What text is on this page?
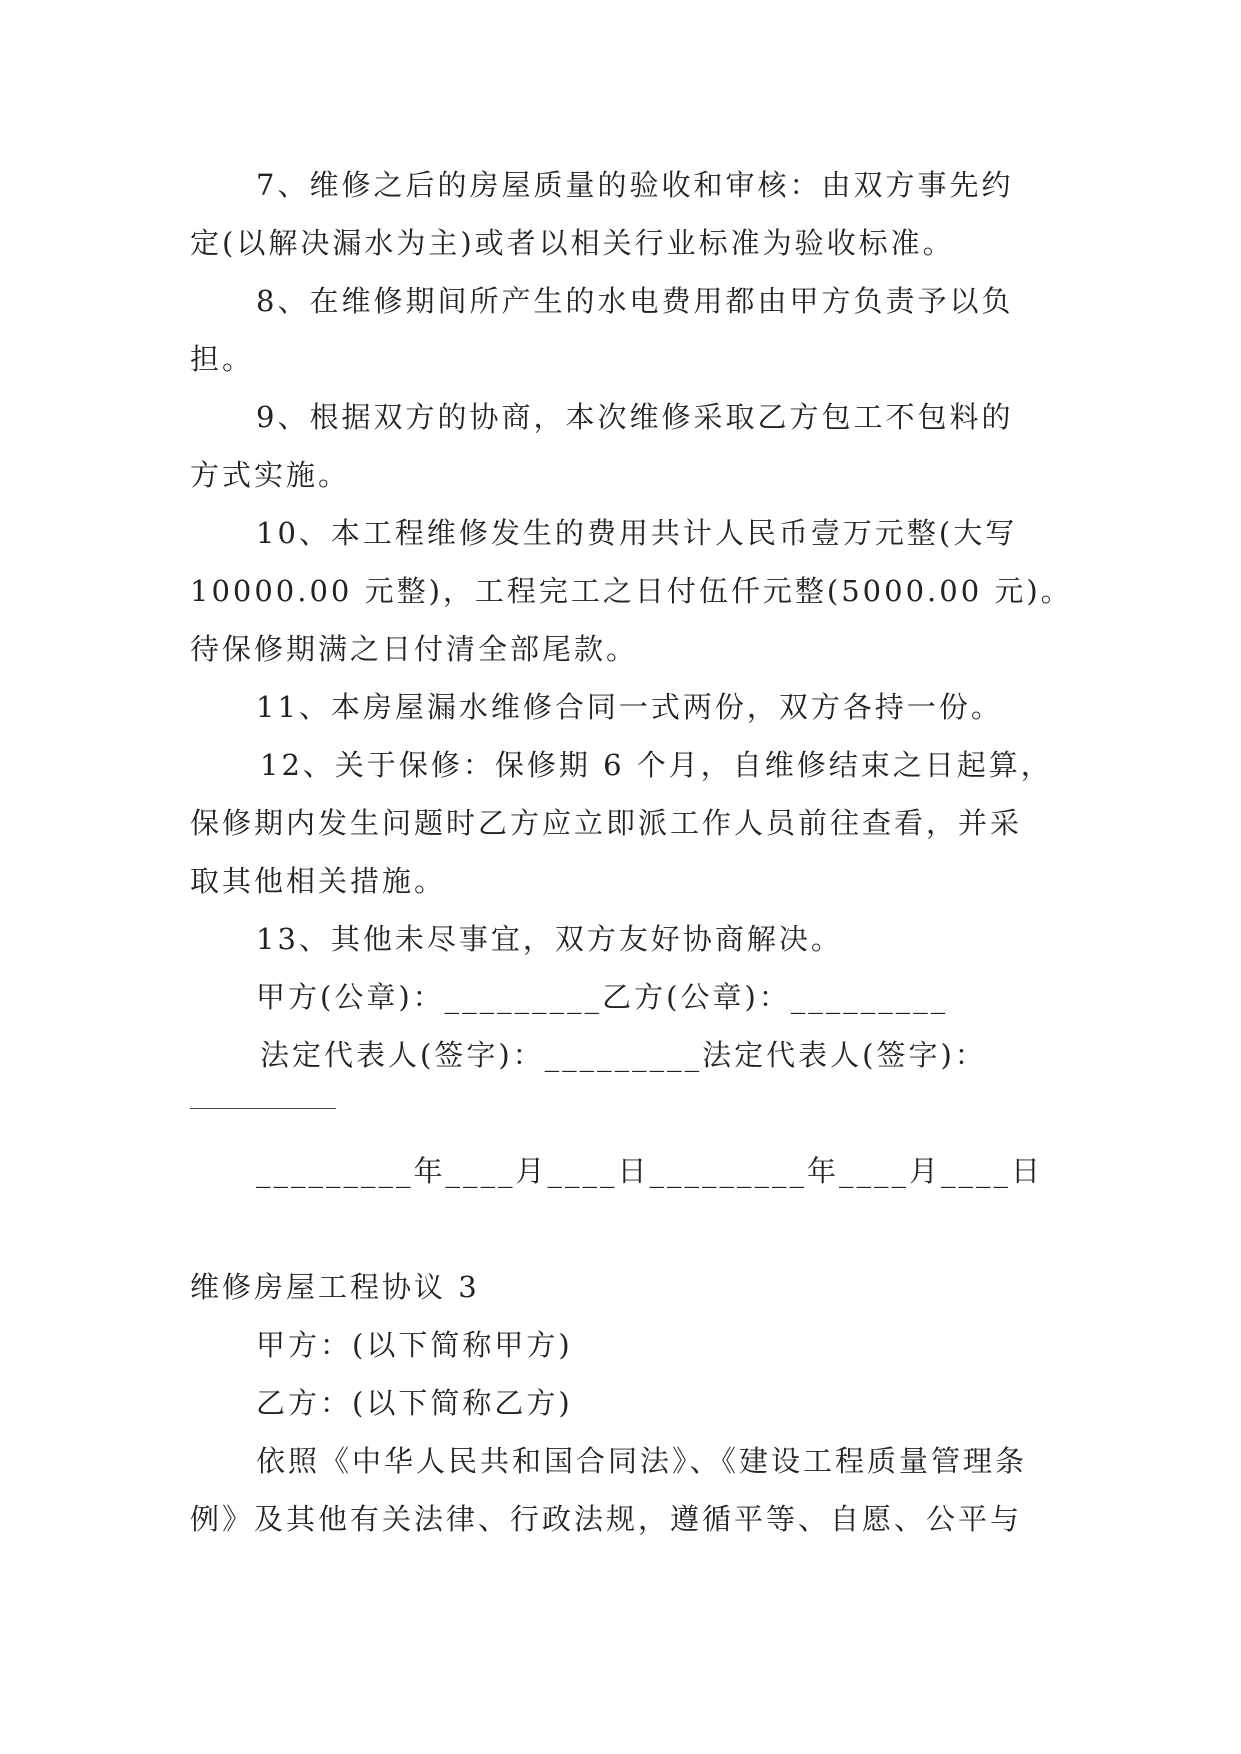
7、维修之后的房屋质量的验收和审核：由双方事先约
定(以解决漏水为主)或者以相关行业标准为验收标准。
8、在维修期间所产生的水电费用都由甲方负责予以负
担。
9、根据双方的协商，本次维修采取乙方包工不包料的
方式实施。
10、本工程维修发生的费用共计人民币壹万元整(大写
10000.00 元整)，工程完工之日付伍仟元整(5000.00 元)。
待保修期满之日付清全部尾款。
11、本房屋漏水维修合同一式两份，双方各持一份。
12、关于保修：保修期 6 个月，自维修结束之日起算，
保修期内发生问题时乙方应立即派工作人员前往查看，并采
取其他相关措施。
13、其他未尽事宜，双方友好协商解决。
甲方(公章)：_________乙方(公章)：_________
法定代表人(签字)：_________法定代表人(签字)：
_________年____月____日_________年____月____日
维修房屋工程协议 3
甲方：(以下简称甲方)
乙方：(以下简称乙方)
依照《中华人民共和国合同法》、《建设工程质量管理条
例》及其他有关法律、行政法规，遵循平等、自愿、公平与
